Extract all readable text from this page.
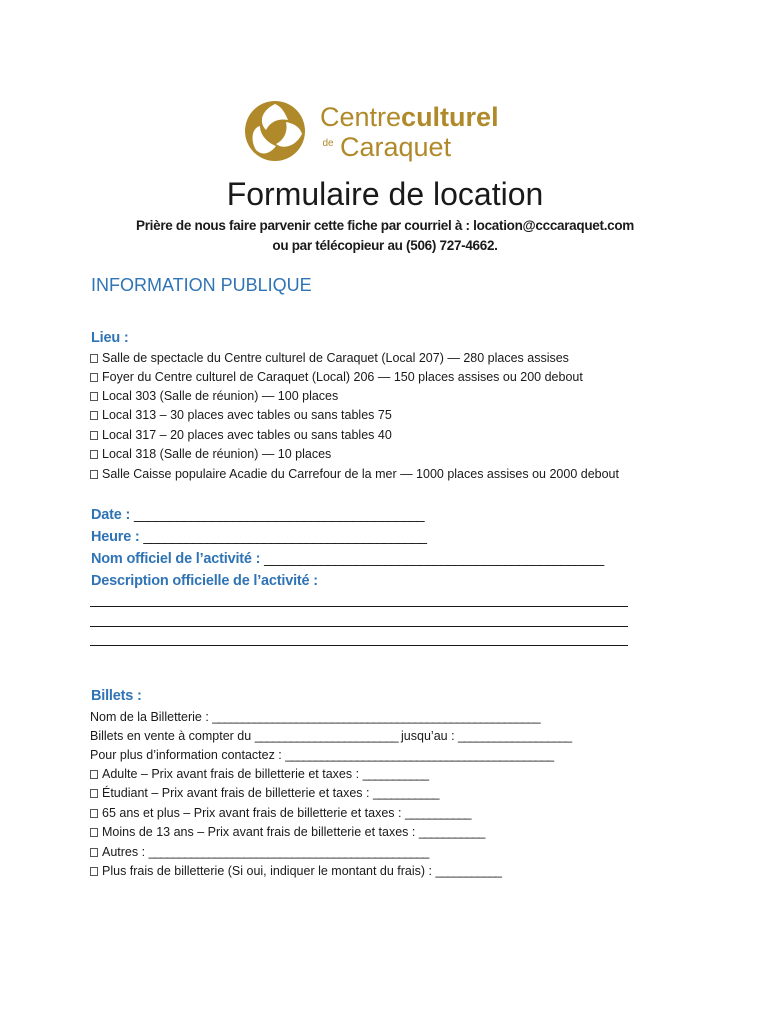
Centreculturel
de Caraquet
Formulaire de location
Prière de nous faire parvenir cette fiche par courriel à : location@cccaraquet.com
ou par télécopieur au (506) 727-4662.
INFORMATION PUBLIQUE
Lieu :
Salle de spectacle du Centre culturel de Caraquet (Local 207) — 280 places assises
Foyer du Centre culturel de Caraquet (Local) 206 — 150 places assises ou 200 debout
Local 303 (Salle de réunion) — 100 places
Local 313 – 30 places avec tables ou sans tables 75
Local 317 – 20 places avec tables ou sans tables 40
Local 318 (Salle de réunion) — 10 places
Salle Caisse populaire Acadie du Carrefour de la mer — 1000 places assises ou 2000 debout
Date : _________________________________________
Heure : ________________________________________
Nom officiel de l’activité : ________________________________________________
Description officielle de l’activité :
Billets :
Nom de la Billetterie : _______________________________________________________
Billets en vente à compter du ________________________ jusqu’au : ___________________
Pour plus d’information contactez : _____________________________________________
Adulte – Prix avant frais de billetterie et taxes : ___________
Étudiant – Prix avant frais de billetterie et taxes : ___________
65 ans et plus – Prix avant frais de billetterie et taxes : ___________
Moins de 13 ans – Prix avant frais de billetterie et taxes : ___________
Autres : _______________________________________________
Plus frais de billetterie (Si oui, indiquer le montant du frais) : ___________
